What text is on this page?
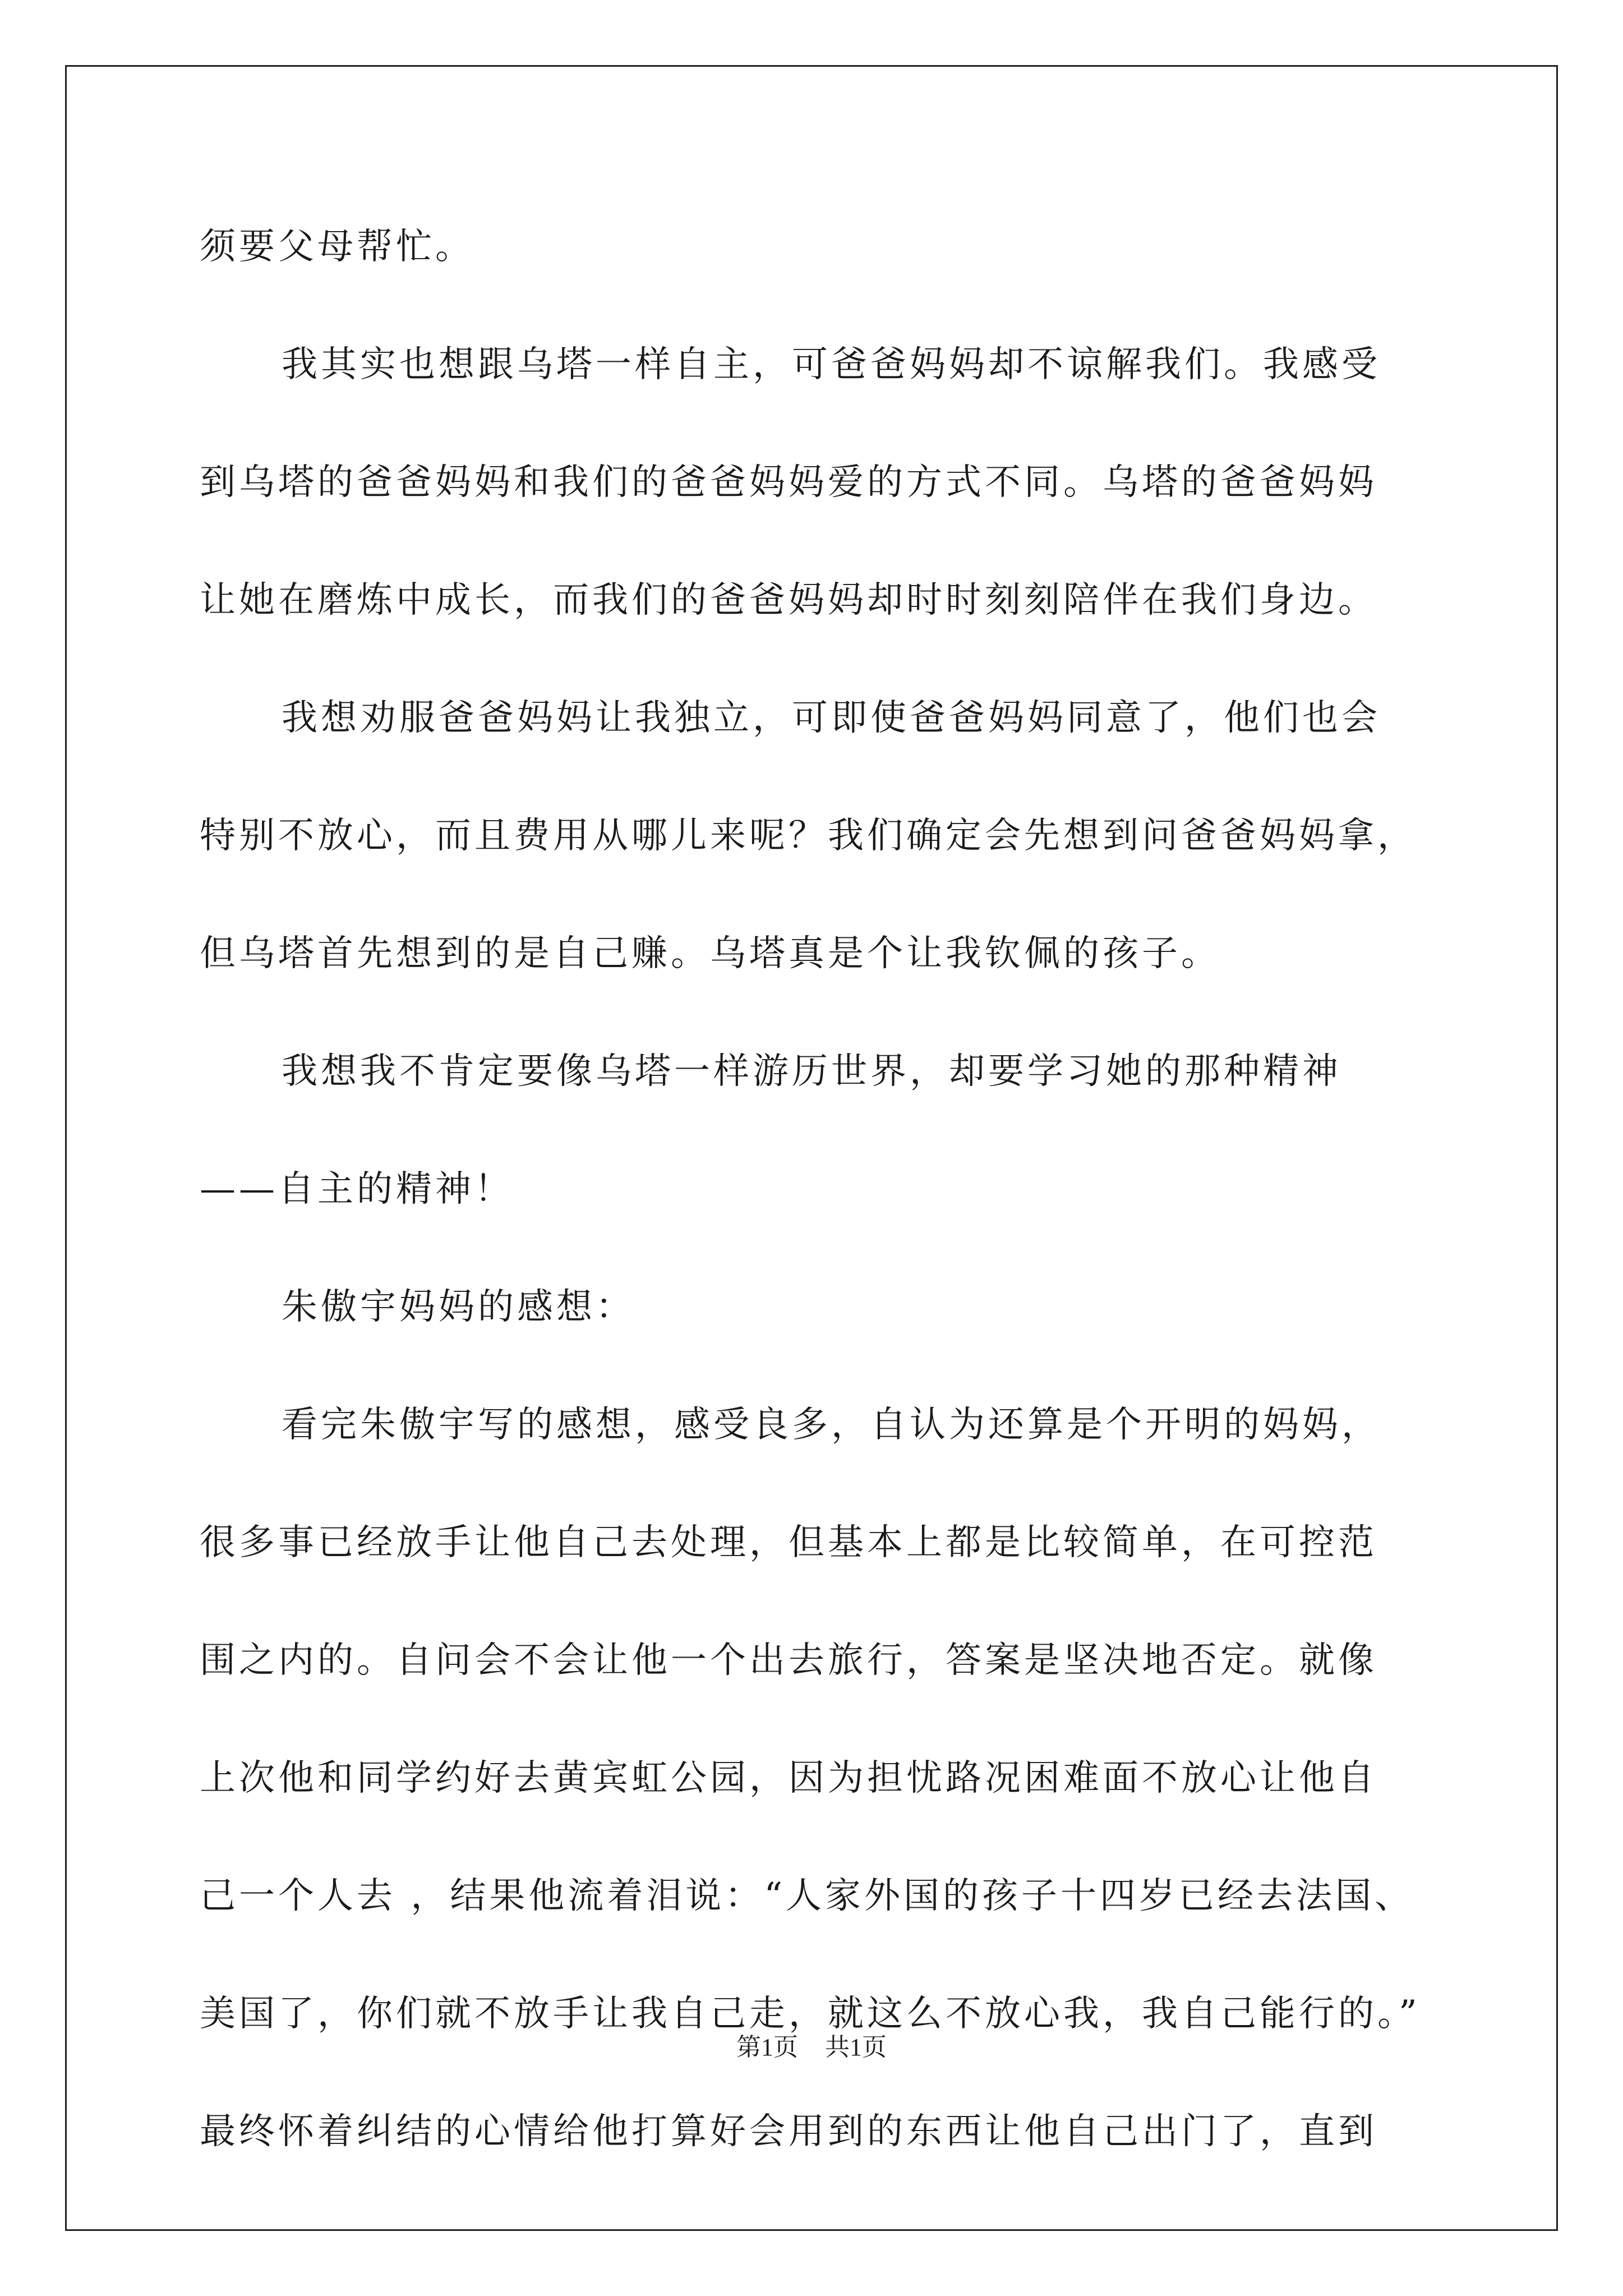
须要父母帮忙。
我其实也想跟乌塔一样自主，可爸爸妈妈却不谅解我们。我感受
到乌塔的爸爸妈妈和我们的爸爸妈妈爱的方式不同。乌塔的爸爸妈妈
让她在磨炼中成长，而我们的爸爸妈妈却时时刻刻陪伴在我们身边。
我想劝服爸爸妈妈让我独立，可即使爸爸妈妈同意了，他们也会
特别不放心，而且费用从哪儿来呢？我们确定会先想到问爸爸妈妈拿，
但乌塔首先想到的是自己赚。乌塔真是个让我钦佩的孩子。
我想我不肯定要像乌塔一样游历世界，却要学习她的那种精神
——自主的精神！
朱傲宇妈妈的感想：
看完朱傲宇写的感想，感受良多，自认为还算是个开明的妈妈，
很多事已经放手让他自己去处理，但基本上都是比较简单，在可控范
围之内的。自问会不会让他一个出去旅行，答案是坚决地否定。就像
上次他和同学约好去黄宾虹公园，因为担忧路况困难面不放心让他自
己一个人去 ，结果他流着泪说：“人家外国的孩子十四岁已经去法国、
美国了，你们就不放手让我自己走，就这么不放心我，我自己能行的。”
最终怀着纠结的心情给他打算好会用到的东西让他自己出门了，直到
第1页 共1页
